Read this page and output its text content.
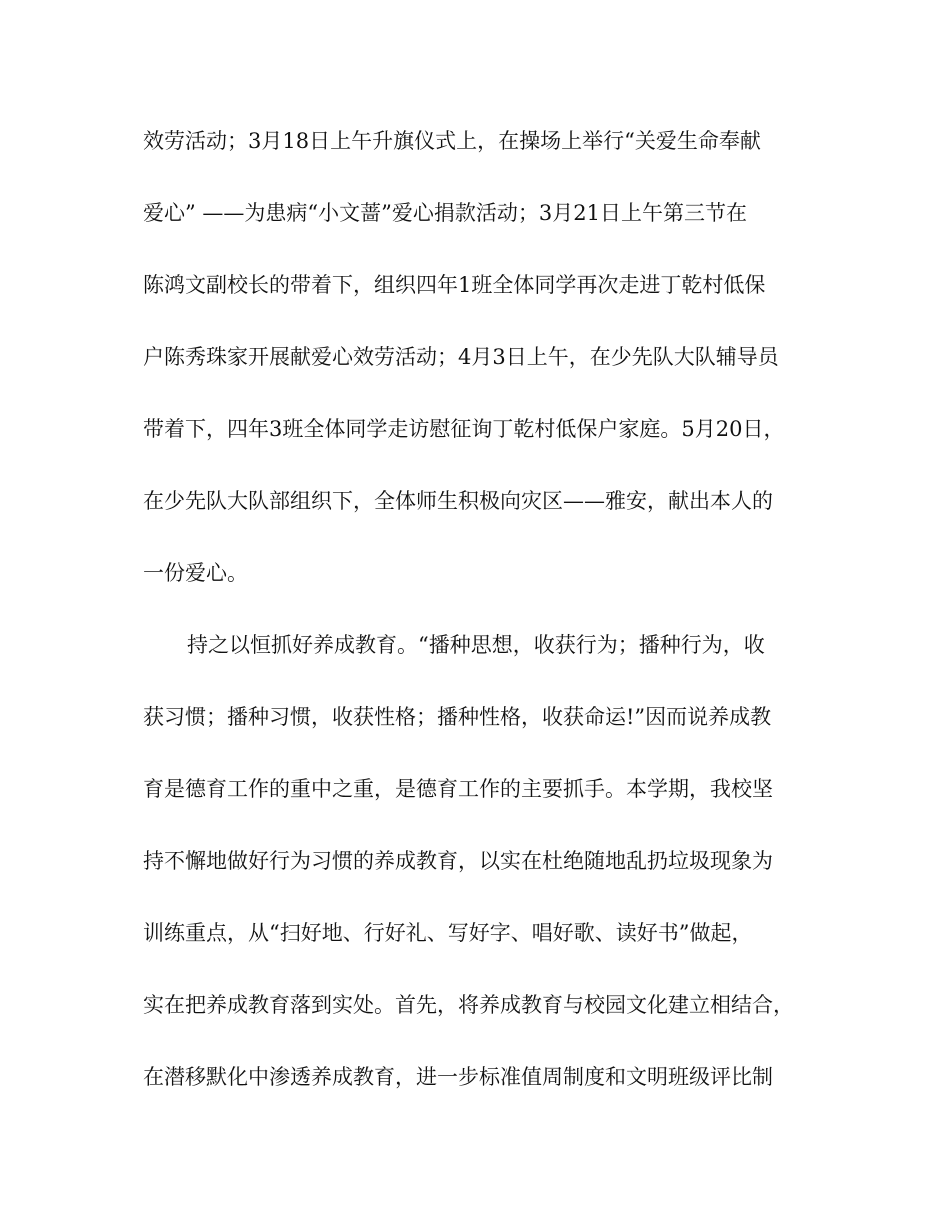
效劳活动；3月18日上午升旗仪式上，在操场上举行“关爱生命奉献
爱心” ——为患病“小文蔷”爱心捐款活动；3月21日上午第三节在
陈鸿文副校长的带着下，组织四年1班全体同学再次走进丁乾村低保
户陈秀珠家开展献爱心效劳活动；4月3日上午，在少先队大队辅导员
带着下，四年3班全体同学走访慰征询丁乾村低保户家庭。5月20日，
在少先队大队部组织下，全体师生积极向灾区——雅安，献出本人的
一份爱心。
持之以恒抓好养成教育。“播种思想，收获行为；播种行为，收
获习惯；播种习惯，收获性格；播种性格，收获命运!”因而说养成教
育是德育工作的重中之重，是德育工作的主要抓手。本学期，我校坚
持不懈地做好行为习惯的养成教育，以实在杜绝随地乱扔垃圾现象为
训练重点，从“扫好地、行好礼、写好字、唱好歌、读好书”做起，
实在把养成教育落到实处。首先，将养成教育与校园文化建立相结合，
在潜移默化中渗透养成教育，进一步标准值周制度和文明班级评比制
